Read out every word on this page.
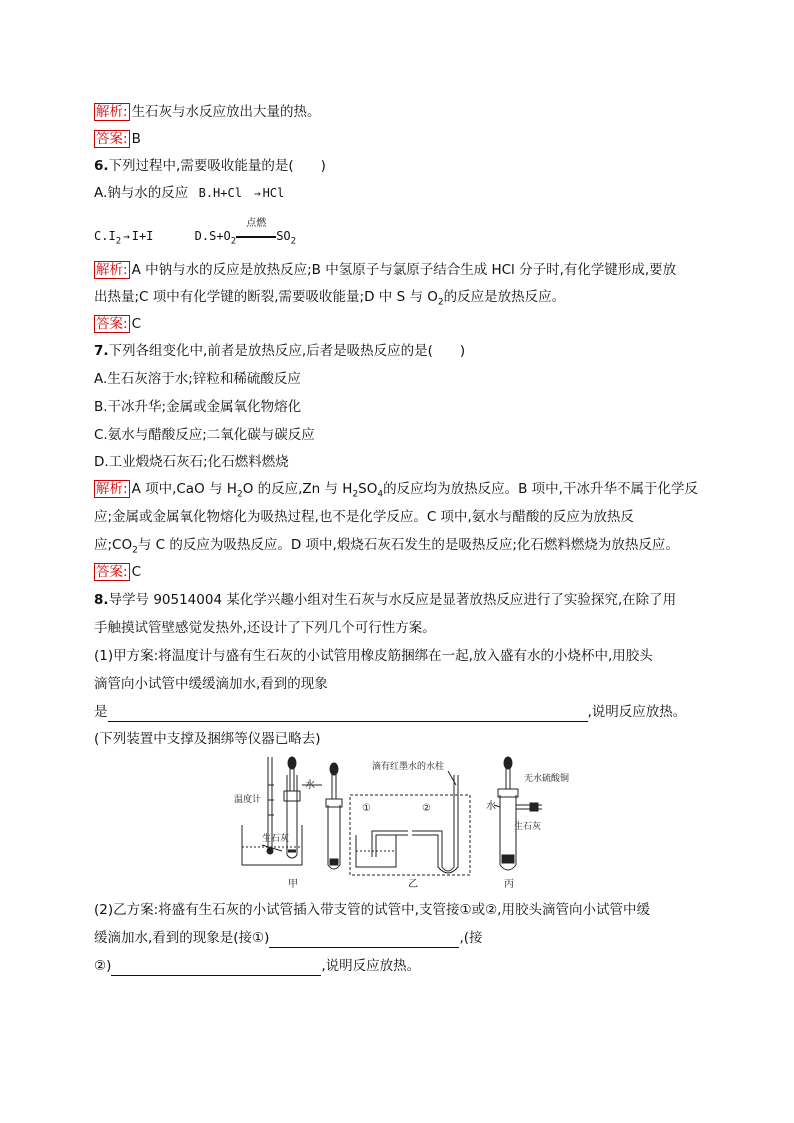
解析: 生石灰与水反应放出大量的热。
答案: B
6.下列过程中,需要吸收能量的是(　　)
A.钠与水的反应 B.H+Cl → HCl
$C.I_2 \to I+I$	$D.S+O_2$
点燃
$SO_2$
解析: A 中钠与水的反应是放热反应;B 中氢原子与氯原子结合生成 HCl 分子时,有化学键形成,要放
出热量;C 项中有化学键的断裂,需要吸收能量;D 中 S 与 $O_2$的反应是放热反应。
答案: C
7.下列各组变化中,前者是放热反应,后者是吸热反应的是(　　)
A.生石灰溶于水;锌粒和稀硫酸反应
B.干冰升华;金属或金属氧化物熔化
C.氨水与醋酸反应;二氧化碳与碳反应
D.工业煅烧石灰石;化石燃料燃烧
解析: A 项中,CaO 与 $H_2O$ 的反应,Zn 与 $H_2SO_4$的反应均为放热反应。B 项中,干冰升华不属于化学反
应;金属或金属氧化物熔化为吸热过程,也不是化学反应。C 项中,氨水与醋酸的反应为放热反
应$;CO_2$与 C 的反应为吸热反应。D 项中,煅烧石灰石发生的是吸热反应;化石燃料燃烧为放热反应。
答案: C
8.导学号 90514004 某化学兴趣小组对生石灰与水反应是显著放热反应进行了实验探究,在除了用
手触摸试管壁感觉发热外,还设计了下列几个可行性方案。
(1)甲方案:将温度计与盛有生石灰的小试管用橡皮筋捆绑在一起,放入盛有水的小烧杯中,用胶头
滴管向小试管中缓缓滴加水,看到的现象
是	,说明反应放热。
(下列装置中支撑及捆绑等仪器已略去)
水
温度计
生石灰
①	②
滴有红墨水的水柱
水
无水硫酸铜
生石灰
甲	乙	丙
(2)乙方案:将盛有生石灰的小试管插入带支管的试管中,支管接①或②,用胶头滴管向小试管中缓
缓滴加水,看到的现象是(接①)	,(接
②)	,说明反应放热。
